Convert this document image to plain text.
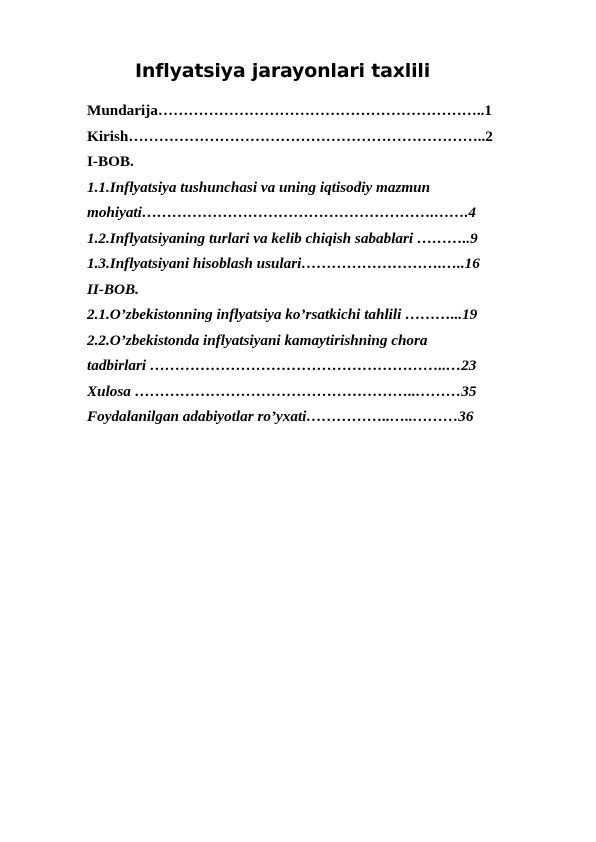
Inflyatsiya jarayonlari taxlili
Mundarija………………………………………………………..1
Kirish……………………………………………………………..2
I-BOB.
1.1.Inflyatsiya tushunchasi va uning iqtisodiy mazmun
mohiyati………………………………………………….…….4
1.2.Inflyatsiyaning turlari va kelib chiqish sabablari ………..9
1.3.Inflyatsiyani hisoblash usulari……………………….…..16
II-BOB.
2.1.O’zbekistonning inflyatsiya ko’rsatkichi tahlili ………...19
2.2.O’zbekistonda inflyatsiyani kamaytirishning chora
tadbirlari …………………………………………………..…23
Xulosa ………………………………………………..………35
Foydalanilgan adabiyotlar ro’yxati……………..…..………36
